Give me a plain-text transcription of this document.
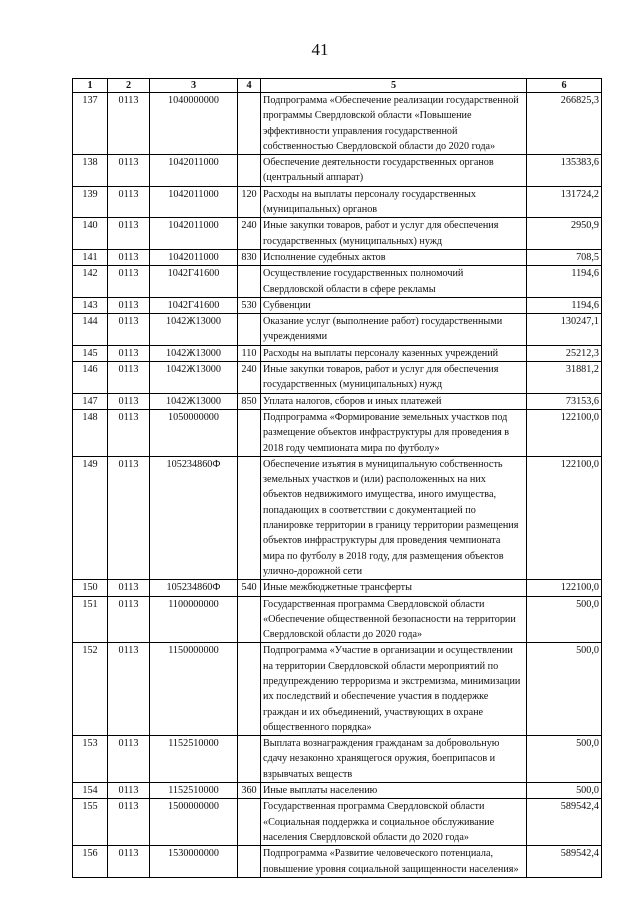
41
1	2	3	4	5	6
137	0113	1040000000		Подпрограмма «Обеспечение реализации государственной программы Свердловской области «Повышение эффективности управления государственной собственностью Свердловской области до 2020 года»	266825,3
138	0113	1042011000		Обеспечение деятельности государственных органов (центральный аппарат)	135383,6
139	0113	1042011000	120	Расходы на выплаты персоналу государственных (муниципальных) органов	131724,2
140	0113	1042011000	240	Иные закупки товаров, работ и услуг для обеспечения государственных (муниципальных) нужд	2950,9
141	0113	1042011000	830	Исполнение судебных актов	708,5
142	0113	1042Г41600		Осуществление государственных полномочий Свердловской области в сфере рекламы	1194,6
143	0113	1042Г41600	530	Субвенции	1194,6
144	0113	1042Ж13000		Оказание услуг (выполнение работ) государственными учреждениями	130247,1
145	0113	1042Ж13000	110	Расходы на выплаты персоналу казенных учреждений	25212,3
146	0113	1042Ж13000	240	Иные закупки товаров, работ и услуг для обеспечения государственных (муниципальных) нужд	31881,2
147	0113	1042Ж13000	850	Уплата налогов, сборов и иных платежей	73153,6
148	0113	1050000000		Подпрограмма «Формирование земельных участков под размещение объектов инфраструктуры для проведения в 2018 году чемпионата мира по футболу»	122100,0
149	0113	105234860Ф		Обеспечение изъятия в муниципальную собственность земельных участков и (или) расположенных на них объектов недвижимого имущества, иного имущества, попадающих в соответствии с документацией по планировке территории в границу территории размещения объектов инфраструктуры для проведения чемпионата мира по футболу в 2018 году, для размещения объектов улично-дорожной сети	122100,0
150	0113	105234860Ф	540	Иные межбюджетные трансферты	122100,0
151	0113	1100000000		Государственная программа Свердловской области «Обеспечение общественной безопасности на территории Свердловской области до 2020 года»	500,0
152	0113	1150000000		Подпрограмма «Участие в организации и осуществлении на территории Свердловской области мероприятий по предупреждению терроризма и экстремизма, минимизации их последствий и обеспечение участия в поддержке граждан и их объединений, участвующих в охране общественного порядка»	500,0
153	0113	1152510000		Выплата вознаграждения гражданам за добровольную сдачу незаконно хранящегося оружия, боеприпасов и взрывчатых веществ	500,0
154	0113	1152510000	360	Иные выплаты населению	500,0
155	0113	1500000000		Государственная программа Свердловской области «Социальная поддержка и социальное обслуживание населения Свердловской области до 2020 года»	589542,4
156	0113	1530000000		Подпрограмма «Развитие человеческого потенциала, повышение уровня социальной защищенности населения»	589542,4
